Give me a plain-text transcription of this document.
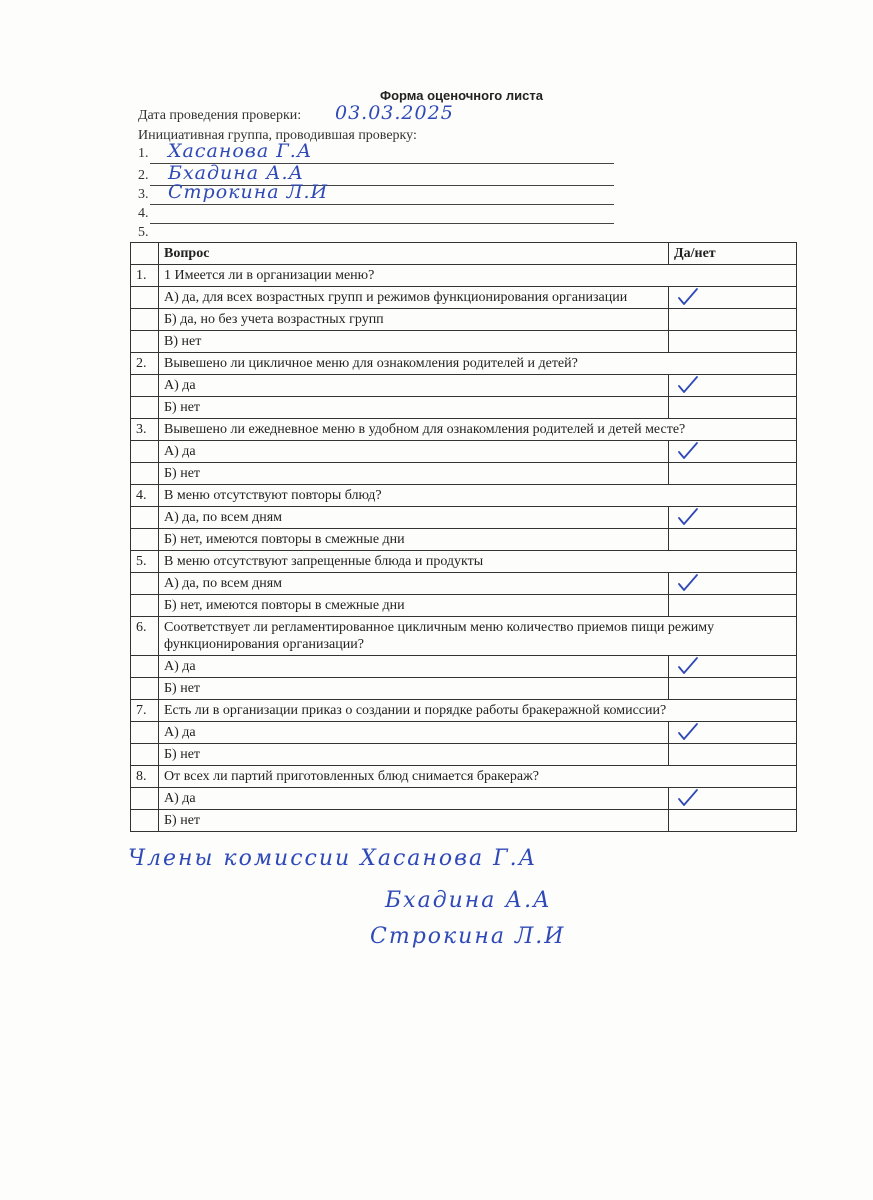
Форма оценочного листа
Дата проведения проверки: 03.03.2025
Инициативная группа, проводившая проверку:
1. Хасанова Г.А
2. Бхадина А.А
3. Строкина Л.И
4.
5.
	Вопрос	Да/нет
1.	1 Имеется ли в организации меню?	
	А) да, для всех возрастных групп и режимов функционирования организации	

	Б) да, но без учета возрастных групп	
	В) нет	
2.	Вывешено ли цикличное меню для ознакомления родителей и детей?	
	А) да	

	Б) нет	
3.	Вывешено ли ежедневное меню в удобном для ознакомления родителей и детей месте?	
	А) да	

	Б) нет	
4.	В меню отсутствуют повторы блюд?	
	А) да, по всем дням	

	Б) нет, имеются повторы в смежные дни	
5.	В меню отсутствуют запрещенные блюда и продукты	
	А) да, по всем дням	

	Б) нет, имеются повторы в смежные дни	
6.	Соответствует ли регламентированное цикличным меню количество приемов пищи режиму функционирования организации?	
	А) да	

	Б) нет	
7.	Есть ли в организации приказ о создании и порядке работы бракеражной комиссии?	
	А) да	

	Б) нет	
8.	От всех ли партий приготовленных блюд снимается бракераж?	
	А) да	

	Б) нет	
Члены комиссии Хасанова Г.А
Бхадина А.А
Строкина Л.И
